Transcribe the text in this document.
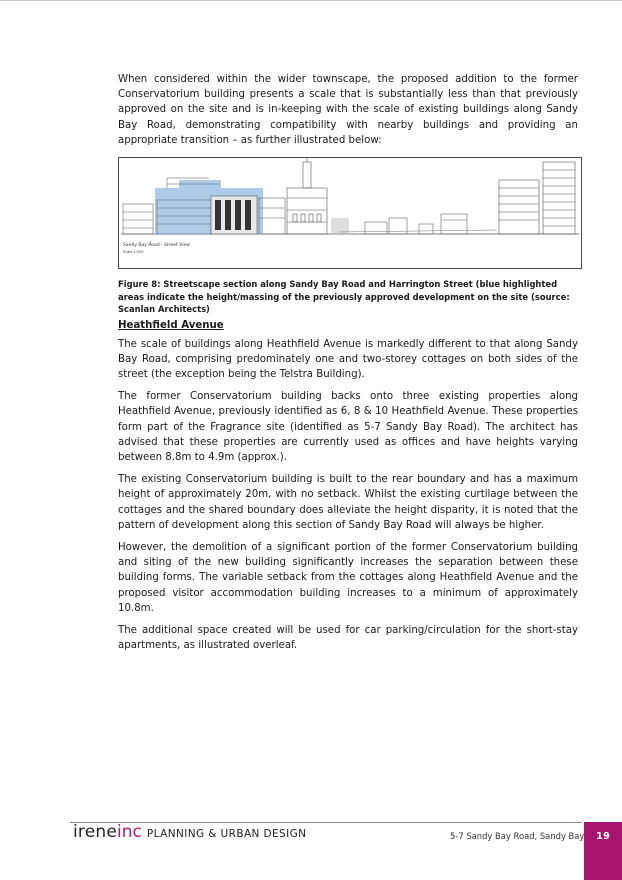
When considered within the wider townscape, the proposed addition to the former Conservatorium building presents a scale that is substantially less than that previously approved on the site and is in-keeping with the scale of existing buildings along Sandy Bay Road, demonstrating compatibility with nearby buildings and providing an appropriate transition – as further illustrated below:

Sandy Bay Road - Street View
Scale 1:500
Figure 8: Streetscape section along Sandy Bay Road and Harrington Street (blue highlighted areas indicate the height/massing of the previously approved development on the site (source: Scanlan Architects)
Heathfield Avenue

The scale of buildings along Heathfield Avenue is markedly different to that along Sandy Bay Road, comprising predominately one and two-storey cottages on both sides of the street (the exception being the Telstra Building).

The former Conservatorium building backs onto three existing properties along Heathfield Avenue, previously identified as 6, 8 & 10 Heathfield Avenue. These properties form part of the Fragrance site (identified as 5-7 Sandy Bay Road). The architect has advised that these properties are currently used as offices and have heights varying between 8.8m to 4.9m (approx.).

The existing Conservatorium building is built to the rear boundary and has a maximum height of approximately 20m, with no setback. Whilst the existing curtilage between the cottages and the shared boundary does alleviate the height disparity, it is noted that the pattern of development along this section of Sandy Bay Road will always be higher.

However, the demolition of a significant portion of the former Conservatorium building and siting of the new building significantly increases the separation between these building forms. The variable setback from the cottages along Heathfield Avenue and the proposed visitor accommodation building increases to a minimum of approximately 10.8m.

The additional space created will be used for car parking/circulation for the short-stay apartments, as illustrated overleaf.

ireneinc PLANNING & URBAN DESIGN	5-7 Sandy Bay Road, Sandy Bay	19
